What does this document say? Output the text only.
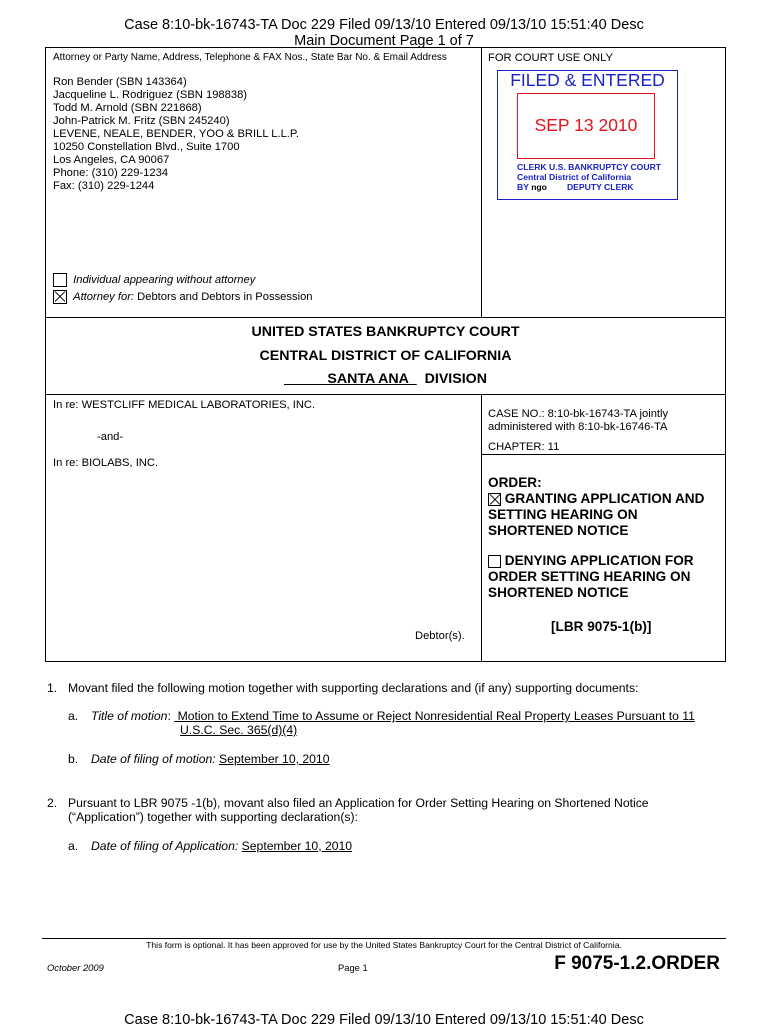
Case 8:10-bk-16743-TA Doc 229 Filed 09/13/10 Entered 09/13/10 15:51:40 Desc
Main Document Page 1 of 7
Attorney or Party Name, Address, Telephone & FAX Nos., State Bar No. & Email Address
Ron Bender (SBN 143364)
Jacqueline L. Rodriguez (SBN 198838)
Todd M. Arnold (SBN 221868)
John-Patrick M. Fritz (SBN 245240)
LEVENE, NEALE, BENDER, YOO & BRILL L.L.P.
10250 Constellation Blvd., Suite 1700
Los Angeles, CA 90067
Phone: (310) 229-1234
Fax: (310) 229-1244
Individual appearing without attorney
Attorney for: Debtors and Debtors in Possession
FOR COURT USE ONLY
FILED & ENTERED
SEP 13 2010
CLERK U.S. BANKRUPTCY COURT
Central District of California
BY ngo DEPUTY CLERK
UNITED STATES BANKRUPTCY COURT
CENTRAL DISTRICT OF CALIFORNIA
SANTA ANA DIVISION
In re: WESTCLIFF MEDICAL LABORATORIES, INC.
-and-
In re: BIOLABS, INC.
Debtor(s).
CASE NO.: 8:10-bk-16743-TA jointly
administered with 8:10-bk-16746-TA
CHAPTER: 11
ORDER:
GRANTING APPLICATION AND
SETTING HEARING ON
SHORTENED NOTICE
DENYING APPLICATION FOR
ORDER SETTING HEARING ON
SHORTENED NOTICE
[LBR 9075-1(b)]
1. Movant filed the following motion together with supporting declarations and (if any) supporting documents:
a. Title of motion:  Motion to Extend Time to Assume or Reject Nonresidential Real Property Leases Pursuant to 11
U.S.C. Sec. 365(d)(4)
b. Date of filing of motion: September 10, 2010
2. Pursuant to LBR 9075 -1(b), movant also filed an Application for Order Setting Hearing on Shortened Notice
(“Application”) together with supporting declaration(s):
a. Date of filing of Application: September 10, 2010
This form is optional. It has been approved for use by the United States Bankruptcy Court for the Central District of California.
October 2009	Page 1	F 9075-1.2.ORDER
Case 8:10-bk-16743-TA Doc 229 Filed 09/13/10 Entered 09/13/10 15:51:40 Desc
